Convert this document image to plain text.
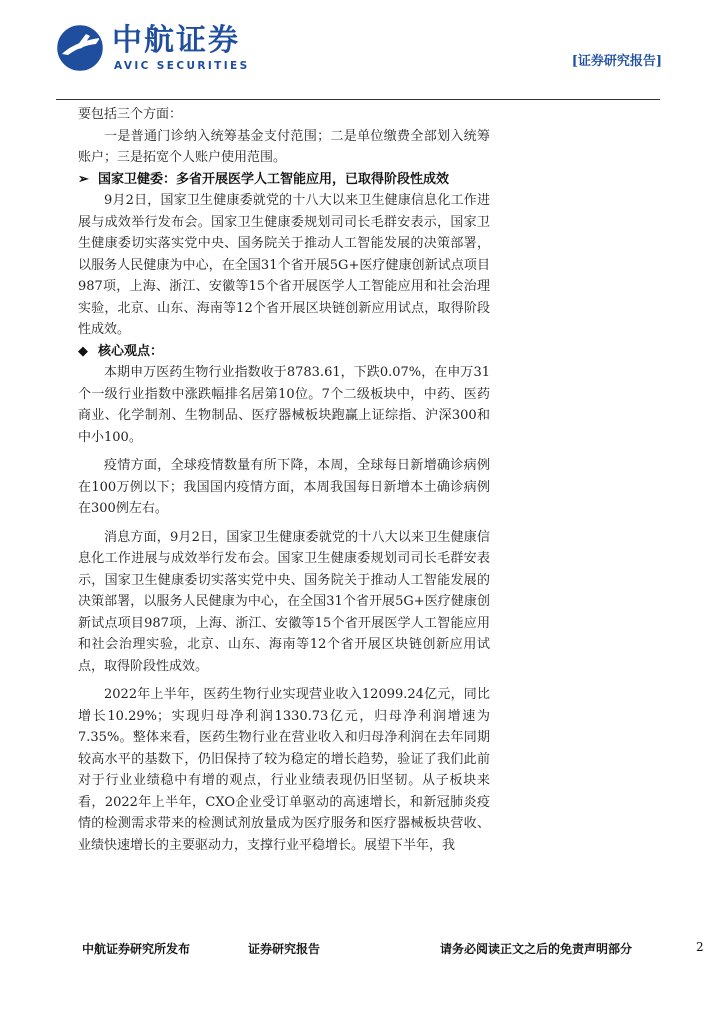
中航证券
AVIC SECURITIES	[证券研究报告]

要包括三个方面：

一是普通门诊纳入统筹基金支付范围；二是单位缴费全部划入统筹账户；三是拓宽个人账户使用范围。

➢ 国家卫健委：多省开展医学人工智能应用，已取得阶段性成效

9月2日，国家卫生健康委就党的十八大以来卫生健康信息化工作进展与成效举行发布会。国家卫生健康委规划司司长毛群安表示，国家卫生健康委切实落实党中央、国务院关于推动人工智能发展的决策部署，以服务人民健康为中心，在全国31个省开展5G+医疗健康创新试点项目987项，上海、浙江、安徽等15个省开展医学人工智能应用和社会治理实验，北京、山东、海南等12个省开展区块链创新应用试点，取得阶段性成效。

◆ 核心观点：

本期申万医药生物行业指数收于8783.61，下跌0.07%，在申万31个一级行业指数中涨跌幅排名居第10位。7个二级板块中，中药、医药商业、化学制剂、生物制品、医疗器械板块跑赢上证综指、沪深300和中小100。

疫情方面，全球疫情数量有所下降，本周，全球每日新增确诊病例在100万例以下；我国国内疫情方面，本周我国每日新增本土确诊病例在300例左右。

消息方面，9月2日，国家卫生健康委就党的十八大以来卫生健康信息化工作进展与成效举行发布会。国家卫生健康委规划司司长毛群安表示，国家卫生健康委切实落实党中央、国务院关于推动人工智能发展的决策部署，以服务人民健康为中心，在全国31个省开展5G+医疗健康创新试点项目987项，上海、浙江、安徽等15个省开展医学人工智能应用和社会治理实验，北京、山东、海南等12个省开展区块链创新应用试点，取得阶段性成效。

2022年上半年，医药生物行业实现营业收入12099.24亿元，同比增长10.29%；实现归母净利润1330.73亿元，归母净利润增速为7.35%。整体来看，医药生物行业在营业收入和归母净利润在去年同期较高水平的基数下，仍旧保持了较为稳定的增长趋势，验证了我们此前对于行业业绩稳中有增的观点，行业业绩表现仍旧坚韧。从子板块来看，2022年上半年，CXO企业受订单驱动的高速增长，和新冠肺炎疫情的检测需求带来的检测试剂放量成为医疗服务和医疗器械板块营收、业绩快速增长的主要驱动力，支撑行业平稳增长。展望下半年，我

中航证券研究所发布	证券研究报告	请务必阅读正文之后的免责声明部分	2
